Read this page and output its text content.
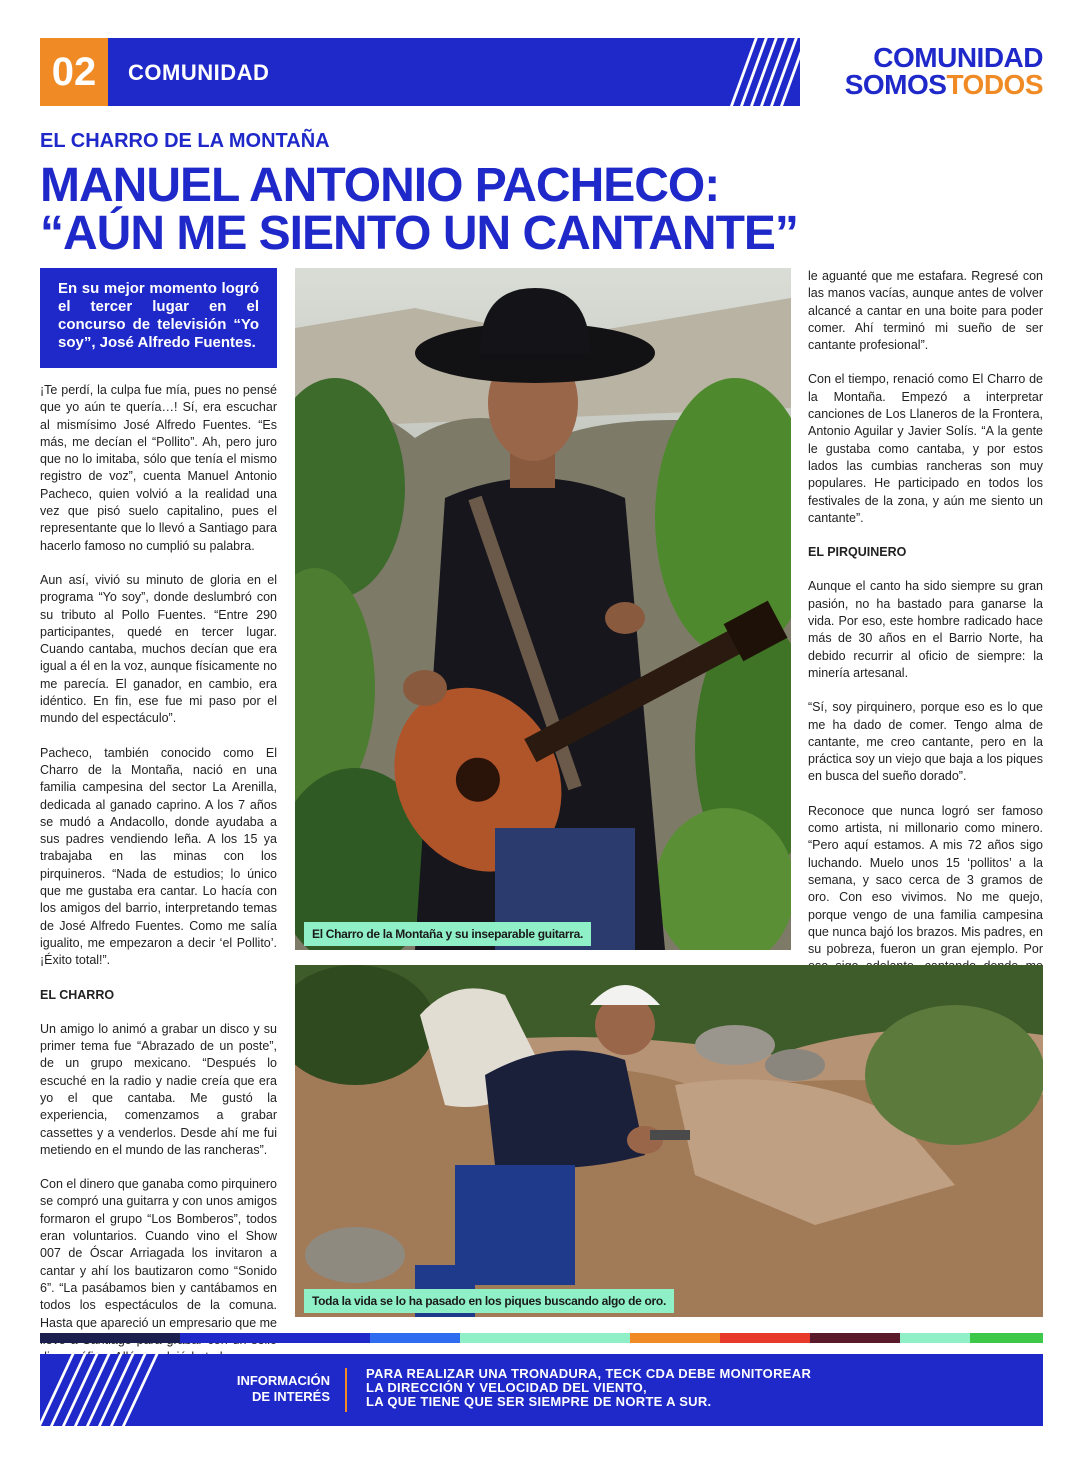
02	COMUNIDAD	COMUNIDAD
SOMOSTODOS
EL CHARRO DE LA MONTAÑA
MANUEL ANTONIO PACHECO:
“AÚN ME SIENTO UN CANTANTE”
En su mejor momento logró el tercer lugar en el concurso de televisión “Yo soy”, José Alfredo Fuentes.

¡Te perdí, la culpa fue mía, pues no pensé que yo aún te quería…! Sí, era escuchar al mismísimo José Alfredo Fuentes. “Es más, me decían el “Pollito”. Ah, pero juro que no lo imitaba, sólo que tenía el mismo registro de voz”, cuenta Manuel Antonio Pacheco, quien volvió a la realidad una vez que pisó suelo capitalino, pues el representante que lo llevó a Santiago para hacerlo famoso no cumplió su palabra.

Aun así, vivió su minuto de gloria en el programa “Yo soy”, donde deslumbró con su tributo al Pollo Fuentes. “Entre 290 participantes, quedé en tercer lugar. Cuando cantaba, muchos decían que era igual a él en la voz, aunque físicamente no me parecía. El ganador, en cambio, era idéntico. En fin, ese fue mi paso por el mundo del espectáculo”.

Pacheco, también conocido como El Charro de la Montaña, nació en una familia campesina del sector La Arenilla, dedicada al ganado caprino. A los 7 años se mudó a Andacollo, donde ayudaba a sus padres vendiendo leña. A los 15 ya trabajaba en las minas con los pirquineros. “Nada de estudios; lo único que me gustaba era cantar. Lo hacía con los amigos del barrio, interpretando temas de José Alfredo Fuentes. Como me salía igualito, me empezaron a decir ‘el Pollito’. ¡Éxito total!”.

EL CHARRO

Un amigo lo animó a grabar un disco y su primer tema fue “Abrazado de un poste”, de un grupo mexicano. “Después lo escuché en la radio y nadie creía que era yo el que cantaba. Me gustó la experiencia, comenzamos a grabar cassettes y a venderlos. Desde ahí me fui metiendo en el mundo de las rancheras”.

Con el dinero que ganaba como pirquinero se compró una guitarra y con unos amigos formaron el grupo “Los Bomberos”, todos eran voluntarios. Cuando vino el Show 007 de Óscar Arriagada los invitaron a cantar y ahí los bautizaron como “Sonido 6”. “La pasábamos bien y cantábamos en todos los espectáculos de la comuna. Hasta que apareció un empresario que me

El Charro de la Montaña y su inseparable guitarra.

le aguanté que me estafara. Regresé con las manos vacías, aunque antes de volver alcancé a cantar en una boite para poder comer. Ahí terminó mi sueño de ser cantante profesional”.

Con el tiempo, renació como El Charro de la Montaña. Empezó a interpretar canciones de Los Llaneros de la Frontera, Antonio Aguilar y Javier Solís. “A la gente le gustaba como cantaba, y por estos lados las cumbias rancheras son muy populares. He participado en todos los festivales de la zona, y aún me siento un cantante”.

EL PIRQUINERO

Aunque el canto ha sido siempre su gran pasión, no ha bastado para ganarse la vida. Por eso, este hombre radicado hace más de 30 años en el Barrio Norte, ha debido recurrir al oficio de siempre: la minería artesanal.

“Sí, soy pirquinero, porque eso es lo que me ha dado de comer. Tengo alma de cantante, me creo cantante, pero en la práctica soy un viejo que baja a los piques en busca del sueño dorado”.

Reconoce que nunca logró ser famoso como artista, ni millonario como minero. “Pero aquí estamos. A mis 72 años sigo luchando. Muelo unos 15 ‘pollitos’ a la semana, y saco cerca de 3 gramos de oro. Con eso vivimos. No me quejo, porque vengo de una familia campesina que nunca bajó los brazos. Mis padres, en su pobreza, fueron un gran ejemplo. Por

Toda la vida se lo ha pasado en los piques buscando algo de oro.
INFORMACIÓN
DE INTERÉS
PARA REALIZAR UNA TRONADURA, TECK CDA DEBE MONITOREAR
LA DIRECCIÓN Y VELOCIDAD DEL VIENTO,
LA QUE TIENE QUE SER SIEMPRE DE NORTE A SUR.
